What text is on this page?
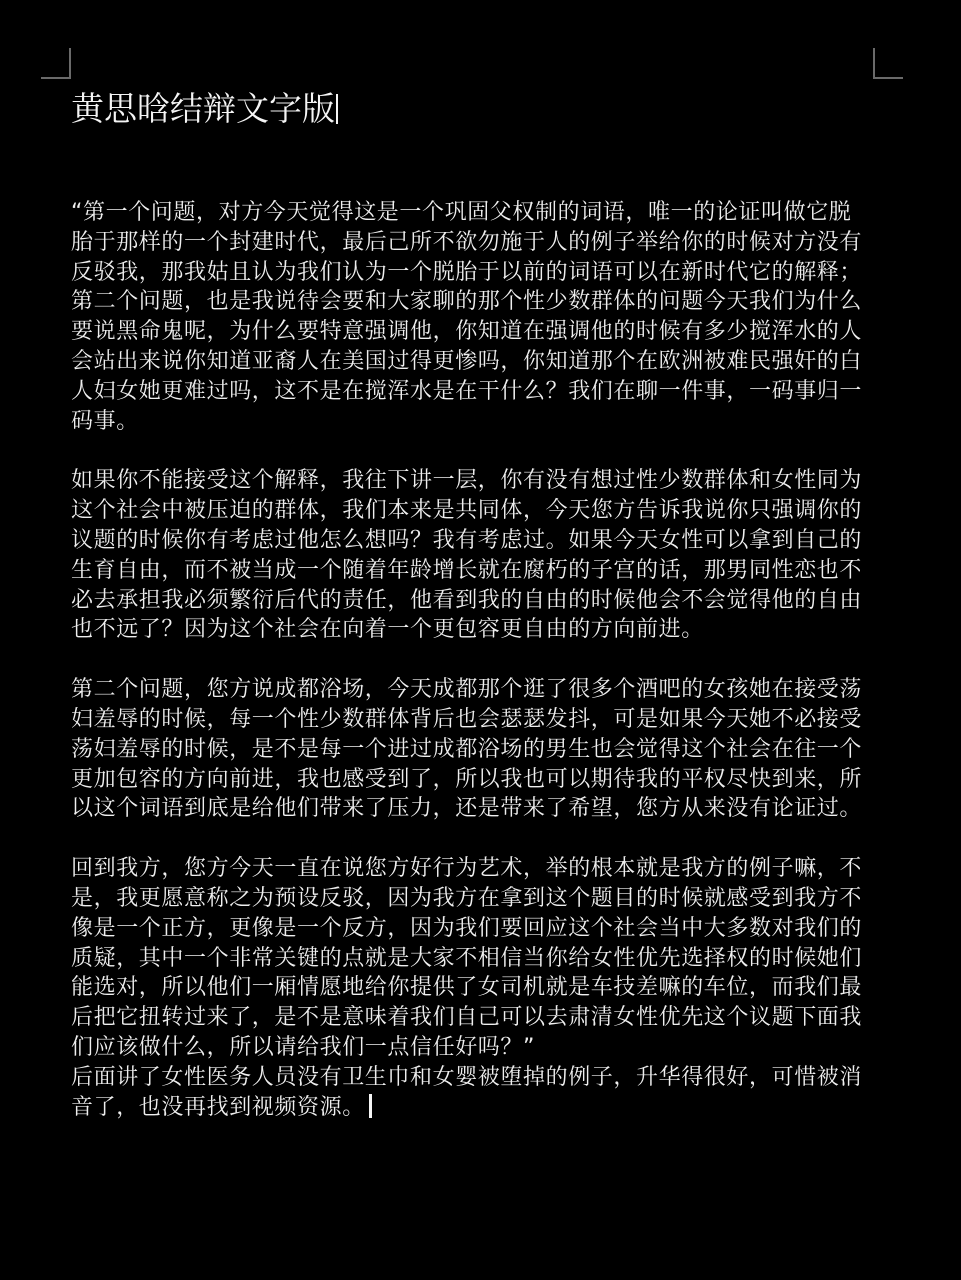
黄思晗结辩文字版
“第一个问题，对方今天觉得这是一个巩固父权制的词语，唯一的论证叫做它脱
胎于那样的一个封建时代，最后己所不欲勿施于人的例子举给你的时候对方没有
反驳我，那我姑且认为我们认为一个脱胎于以前的词语可以在新时代它的解释；
第二个问题，也是我说待会要和大家聊的那个性少数群体的问题今天我们为什么
要说黑命鬼呢，为什么要特意强调他，你知道在强调他的时候有多少搅浑水的人
会站出来说你知道亚裔人在美国过得更惨吗，你知道那个在欧洲被难民强奸的白
人妇女她更难过吗，这不是在搅浑水是在干什么？我们在聊一件事，一码事归一
码事。
如果你不能接受这个解释，我往下讲一层，你有没有想过性少数群体和女性同为
这个社会中被压迫的群体，我们本来是共同体，今天您方告诉我说你只强调你的
议题的时候你有考虑过他怎么想吗？我有考虑过。如果今天女性可以拿到自己的
生育自由，而不被当成一个随着年龄增长就在腐朽的子宫的话，那男同性恋也不
必去承担我必须繁衍后代的责任，他看到我的自由的时候他会不会觉得他的自由
也不远了？因为这个社会在向着一个更包容更自由的方向前进。
第二个问题，您方说成都浴场，今天成都那个逛了很多个酒吧的女孩她在接受荡
妇羞辱的时候，每一个性少数群体背后也会瑟瑟发抖，可是如果今天她不必接受
荡妇羞辱的时候，是不是每一个进过成都浴场的男生也会觉得这个社会在往一个
更加包容的方向前进，我也感受到了，所以我也可以期待我的平权尽快到来，所
以这个词语到底是给他们带来了压力，还是带来了希望，您方从来没有论证过。
回到我方，您方今天一直在说您方好行为艺术，举的根本就是我方的例子嘛，不
是，我更愿意称之为预设反驳，因为我方在拿到这个题目的时候就感受到我方不
像是一个正方，更像是一个反方，因为我们要回应这个社会当中大多数对我们的
质疑，其中一个非常关键的点就是大家不相信当你给女性优先选择权的时候她们
能选对，所以他们一厢情愿地给你提供了女司机就是车技差嘛的车位，而我们最
后把它扭转过来了，是不是意味着我们自己可以去肃清女性优先这个议题下面我
们应该做什么，所以请给我们一点信任好吗？”
后面讲了女性医务人员没有卫生巾和女婴被堕掉的例子，升华得很好，可惜被消
音了，也没再找到视频资源。
